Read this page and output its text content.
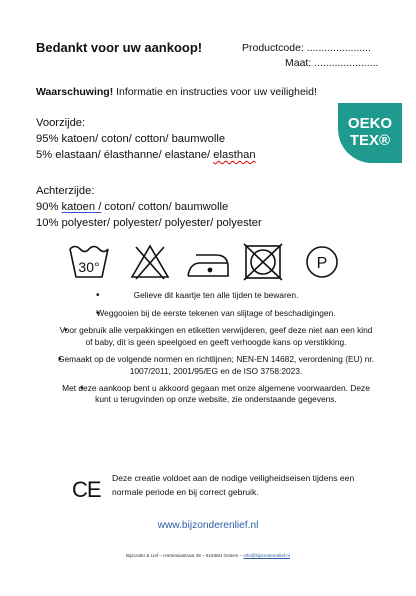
Bedankt voor uw aankoop!	Productcode: ......................
Maat: ......................
Waarschuwing! Informatie en instructies voor uw veiligheid!
Voorzijde:
95% katoen/ coton/ cotton/ baumwolle
5% elastaan/ élasthanne/ elastane/ elasthan
OEKO
TEX®
Achterzijde:
90% katoen / coton/ cotton/ baumwolle
10% polyester/ polyester/ polyester/ polyester
30°	P
• Gelieve dit kaartje ten alle tijden te bewaren.
• Weggooien bij de eerste tekenen van slijtage of beschadigingen.
• Voor gebruik alle verpakkingen en etiketten verwijderen, geef deze niet aan een kind of baby, dit is geen speelgoed en geeft verhoogde kans op verstikking.
• Gemaakt op de volgende normen en richtlijnen; NEN-EN 14682, verordening (EU) nr. 1007/2011, 2001/95/EG en de ISO 3758:2023.
• Met deze aankoop bent u akkoord gegaan met onze algemene voorwaarden. Deze kunt u terugvinden op onze website, zie onderstaande gegevens.
CE Deze creatie voldoet aan de nodige veiligheidseisen tijdens een normale periode en bij correct gebruik.
www.bijzonderenlief.nl
Bijzonder & Lief – Hortensiastraat 48 – 6163MJ Geleen – info@bijzonderenlief.nl
